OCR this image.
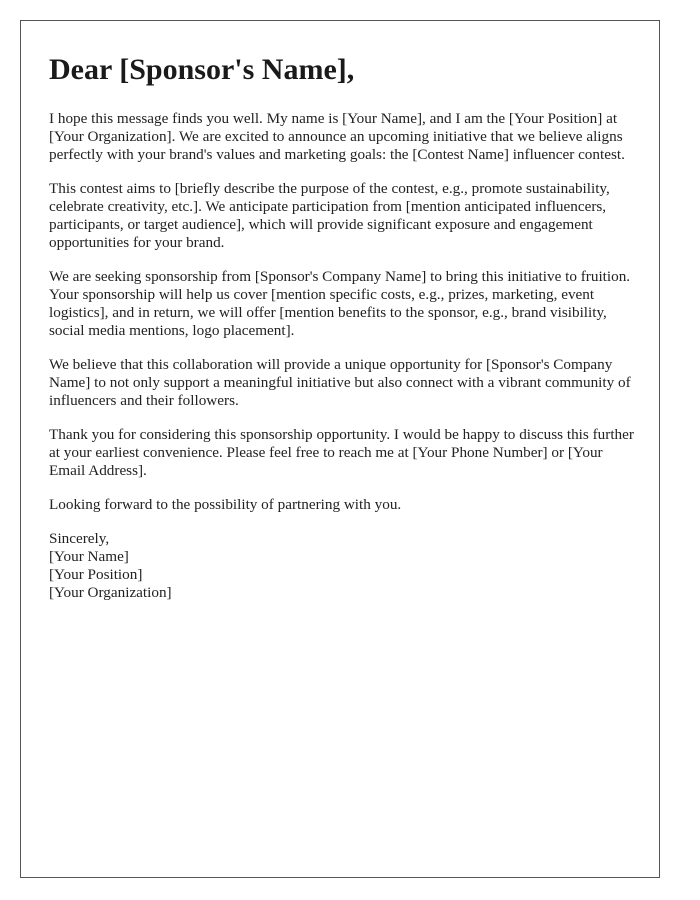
Dear [Sponsor's Name],

I hope this message finds you well. My name is [Your Name], and I am the [Your Position] at [Your Organization]. We are excited to announce an upcoming initiative that we believe aligns perfectly with your brand's values and marketing goals: the [Contest Name] influencer contest.

This contest aims to [briefly describe the purpose of the contest, e.g., promote sustainability, celebrate creativity, etc.]. We anticipate participation from [mention anticipated influencers, participants, or target audience], which will provide significant exposure and engagement opportunities for your brand.

We are seeking sponsorship from [Sponsor's Company Name] to bring this initiative to fruition. Your sponsorship will help us cover [mention specific costs, e.g., prizes, marketing, event logistics], and in return, we will offer [mention benefits to the sponsor, e.g., brand visibility, social media mentions, logo placement].

We believe that this collaboration will provide a unique opportunity for [Sponsor's Company Name] to not only support a meaningful initiative but also connect with a vibrant community of influencers and their followers.

Thank you for considering this sponsorship opportunity. I would be happy to discuss this further at your earliest convenience. Please feel free to reach me at [Your Phone Number] or [Your Email Address].

Looking forward to the possibility of partnering with you.

Sincerely,
[Your Name]
[Your Position]
[Your Organization]
